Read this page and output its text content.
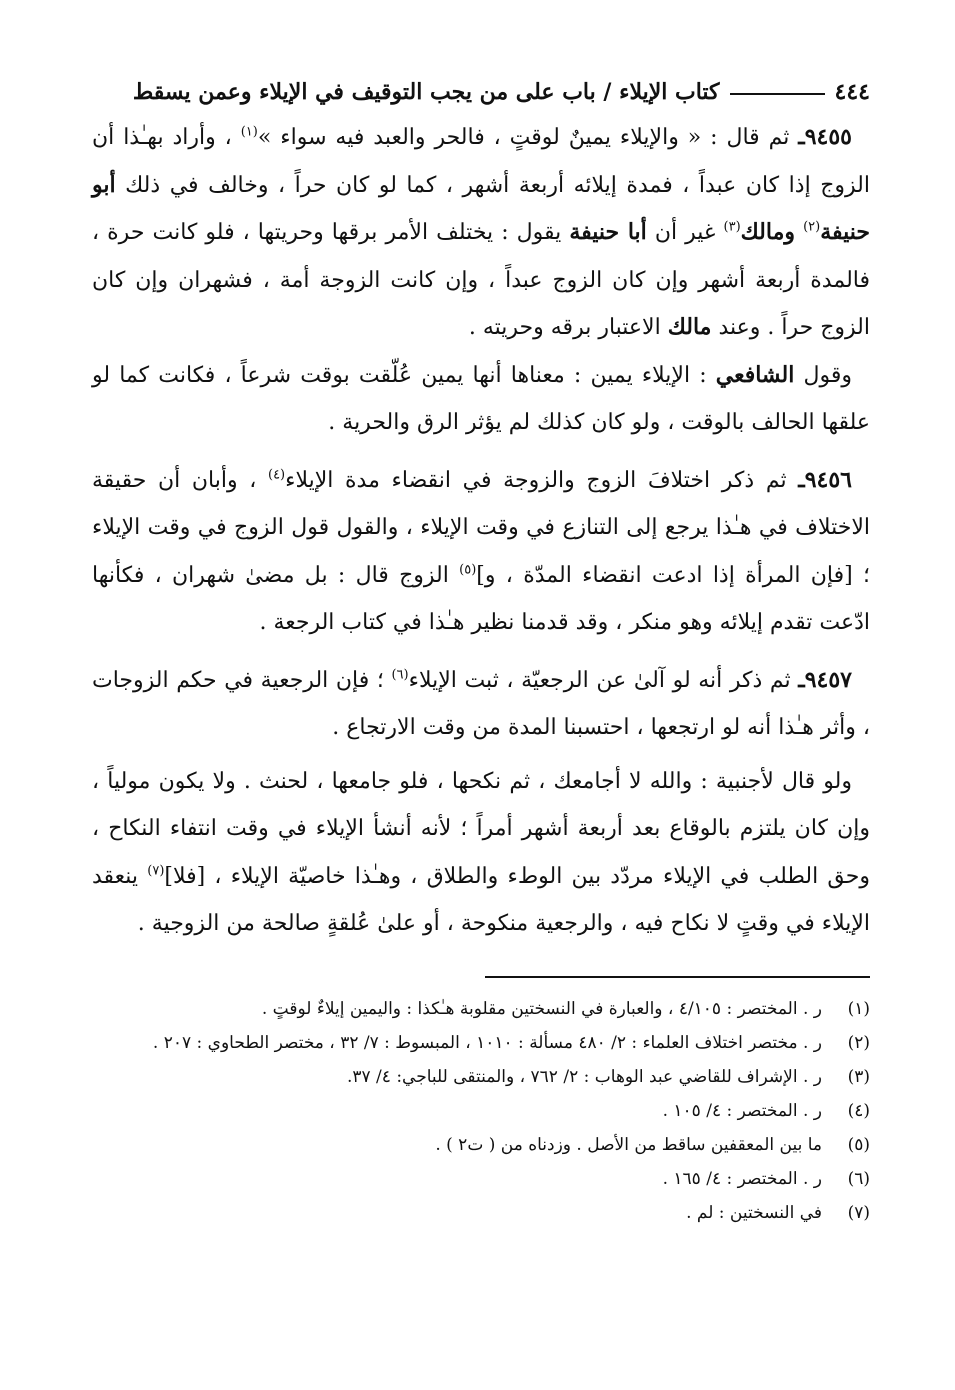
٤٤٤
كتاب الإيلاء / باب على من يجب التوقيف في الإيلاء وعمن يسقط

٩٤٥٥ـ ثم قال : « والإيلاء يمينٌ لوقتٍ ، فالحر والعبد فيه سواء »$^{(١)}$ ، وأراد بهـٰذا أن الزوج إذا كان عبداً ، فمدة إيلائه أربعة أشهر ، كما لو كان حراً ، وخالف في ذلك أبو حنيفة$^{(٢)}$ ومالك$^{(٣)}$ غير أن أبا حنيفة يقول : يختلف الأمر برقها وحريتها ، فلو كانت حرة ، فالمدة أربعة أشهر وإن كان الزوج عبداً ، وإن كانت الزوجة أمة ، فشهران وإن كان الزوج حراً . وعند مالك الاعتبار برقه وحريته .

وقول الشافعي : الإيلاء يمين : معناها أنها يمين عُلّقت بوقت شرعاً ، فكانت كما لو علقها الحالف بالوقت ، ولو كان كذلك لم يؤثر الرق والحرية .

٩٤٥٦ـ ثم ذكر اختلافَ الزوج والزوجة في انقضاء مدة الإيلاء$^{(٤)}$ ، وأبان أن حقيقة الاختلاف في هـٰذا يرجع إلى التنازع في وقت الإيلاء ، والقول قول الزوج في وقت الإيلاء ؛ [فإن المرأة إذا ادعت انقضاء المدّة ، و]$^{(٥)}$ الزوج قال : بل مضىٰ شهران ، فكأنها ادّعت تقدم إيلائه وهو منكر ، وقد قدمنا نظير هـٰذا في كتاب الرجعة .

٩٤٥٧ـ ثم ذكر أنه لو آلىٰ عن الرجعيّة ، ثبت الإيلاء$^{(٦)}$ ؛ فإن الرجعية في حكم الزوجات ، وأثر هـٰذا أنه لو ارتجعها ، احتسبنا المدة من وقت الارتجاع .

ولو قال لأجنبية : والله لا أجامعك ، ثم نكحها ، فلو جامعها ، لحنث . ولا يكون مولياً ، وإن كان يلتزم بالوقاع بعد أربعة أشهر أمراً ؛ لأنه أنشأ الإيلاء في وقت انتفاء النكاح ، وحق الطلب في الإيلاء مردّد بين الوطء والطلاق ، وهـٰذا خاصيّة الإيلاء ، [فلا]$^{(٧)}$ ينعقد الإيلاء في وقتٍ لا نكاح فيه ، والرجعية منكوحة ، أو علىٰ عُلقةٍ صالحة من الزوجية .

(١)
ر . المختصر : ٤/١٠٥ ، والعبارة في النسختين مقلوبة هـٰكذا : واليمين إيلاءٌ لوقتٍ .
(٢)
ر . مختصر اختلاف العلماء : ٢/ ٤٨٠ مسألة : ١٠١٠ ، المبسوط : ٧/ ٣٢ ، مختصر الطحاوي : ٢٠٧ .
(٣)
ر . الإشراف للقاضي عبد الوهاب : ٢/ ٧٦٢ ، والمنتقى للباجي: ٤/ ٣٧.
(٤)
ر . المختصر : ٤/ ١٠٥ .
(٥)
ما بين المعقفين ساقط من الأصل . وزدناه من ( ت٢ ) .
(٦)
ر . المختصر : ٤/ ١٦٥ .
(٧)
في النسختين : لم .
